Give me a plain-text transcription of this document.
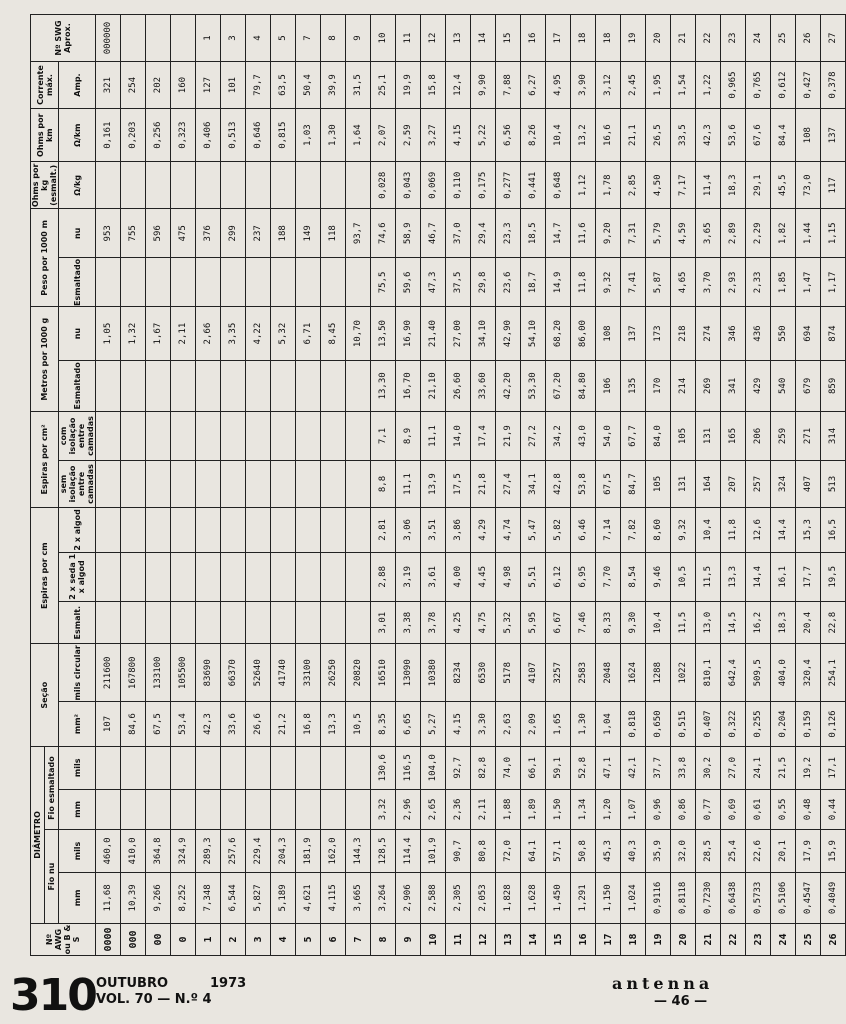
Nº AWG ou B & S	DIÂMETRO				Seção		Espiras por cm			Espiras por cm²		Metros por 1000 g		Peso por 1000 m		Ohms por kg (esmalt.)	Ohms por km	Corrente máx.	Nº SWG Aprox.
	Fio nu		Fio esmaltado																
	mm	mils	mm	mils	mm²	mils circular	Esmalt.	2 x seda 1 x algod	2 x algod	sem isolação entre camadas	com isolação entre camadas	Esmaltado	nu	Esmaltado	nu	Ω/kg	Ω/km	Amp.	
0000	11,68	460,0			107	211600							1,05		953		0,161	321	000000
000	10,39	410,0			84,6	167800							1,32		755		0,203	254	
00	9,266	364,8			67,5	133100							1,67		596		0,256	202	
0	8,252	324,9			53,4	105500							2,11		475		0,323	160	
1	7,348	289,3			42,3	83690							2,66		376		0,406	127	1
2	6,544	257,6			33,6	66370							3,35		299		0,513	101	3
3	5,827	229,4			26,6	52640							4,22		237		0,646	79,7	4
4	5,189	204,3			21,2	41740							5,32		188		0,815	63,5	5
5	4,621	181,9			16,8	33100							6,71		149		1,03	50,4	7
6	4,115	162,0			13,3	26250							8,45		118		1,30	39,9	8
7	3,665	144,3			10,5	20820							10,70		93,7		1,64	31,5	9
8	3,264	128,5	3,32	130,6	8,35	16510	3,01	2,88	2,81	8,8	7,1	13,30	13,50	75,5	74,6	0,028	2,07	25,1	10
9	2,906	114,4	2,96	116,5	6,65	13090	3,38	3,19	3,06	11,1	8,9	16,70	16,90	59,6	58,9	0,043	2,59	19,9	11
10	2,588	101,9	2,65	104,0	5,27	10380	3,78	3,61	3,51	13,9	11,1	21,10	21,40	47,3	46,7	0,069	3,27	15,8	12
11	2,305	90,7	2,36	92,7	4,15	8234	4,25	4,00	3,86	17,5	14,0	26,60	27,00	37,5	37,0	0,110	4,15	12,4	13
12	2,053	80,8	2,11	82,8	3,30	6530	4,75	4,45	4,29	21,8	17,4	33,60	34,10	29,8	29,4	0,175	5,22	9,90	14
13	1,828	72,0	1,88	74,0	2,63	5178	5,32	4,98	4,74	27,4	21,9	42,20	42,90	23,6	23,3	0,277	6,56	7,88	15
14	1,628	64,1	1,89	66,1	2,09	4107	5,95	5,51	5,47	34,1	27,2	53,30	54,10	18,7	18,5	0,441	8,26	6,27	16
15	1,450	57,1	1,50	59,1	1,65	3257	6,67	6,12	5,82	42,8	34,2	67,20	68,20	14,9	14,7	0,648	10,4	4,95	17
16	1,291	50,8	1,34	52,8	1,30	2583	7,46	6,95	6,46	53,8	43,0	84,80	86,00	11,8	11,6	1,12	13,2	3,90	18
17	1,150	45,3	1,20	47,1	1,04	2048	8,33	7,70	7,14	67,5	54,0	106	108	9,32	9,20	1,78	16,6	3,12	18
18	1,024	40,3	1,07	42,1	0,818	1624	9,30	8,54	7,82	84,7	67,7	135	137	7,41	7,31	2,85	21,1	2,45	19
19	0,9116	35,9	0,96	37,7	0,650	1288	10,4	9,46	8,60	105	84,0	170	173	5,87	5,79	4,50	26,5	1,95	20
20	0,8118	32,0	0,86	33,8	0,515	1022	11,5	10,5	9,32	131	105	214	218	4,65	4,59	7,17	33,5	1,54	21
21	0,7230	28,5	0,77	30,2	0,407	810,1	13,0	11,5	10,4	164	131	269	274	3,70	3,65	11,4	42,3	1,22	22
22	0,6438	25,4	0,69	27,0	0,322	642,4	14,5	13,3	11,8	207	165	341	346	2,93	2,89	18,3	53,6	0,965	23
23	0,5733	22,6	0,61	24,1	0,255	509,5	16,2	14,4	12,6	257	206	429	436	2,33	2,29	29,1	67,6	0,765	24
24	0,5106	20,1	0,55	21,5	0,204	404,0	18,3	16,1	14,4	324	259	540	550	1,85	1,82	45,5	84,4	0,612	25
25	0,4547	17,9	0,48	19,2	0,159	320,4	20,4	17,7	15,3	407	271	679	694	1,47	1,44	73,0	108	0,427	26
26	0,4049	15,9	0,44	17,1	0,126	254,1	22,8	19,5	16,5	513	314	859	874	1,17	1,15	117	137	0,378	27
310 OUTUBRO	1973
VOL. 70 — N.º 4
antenna
— 46 —
